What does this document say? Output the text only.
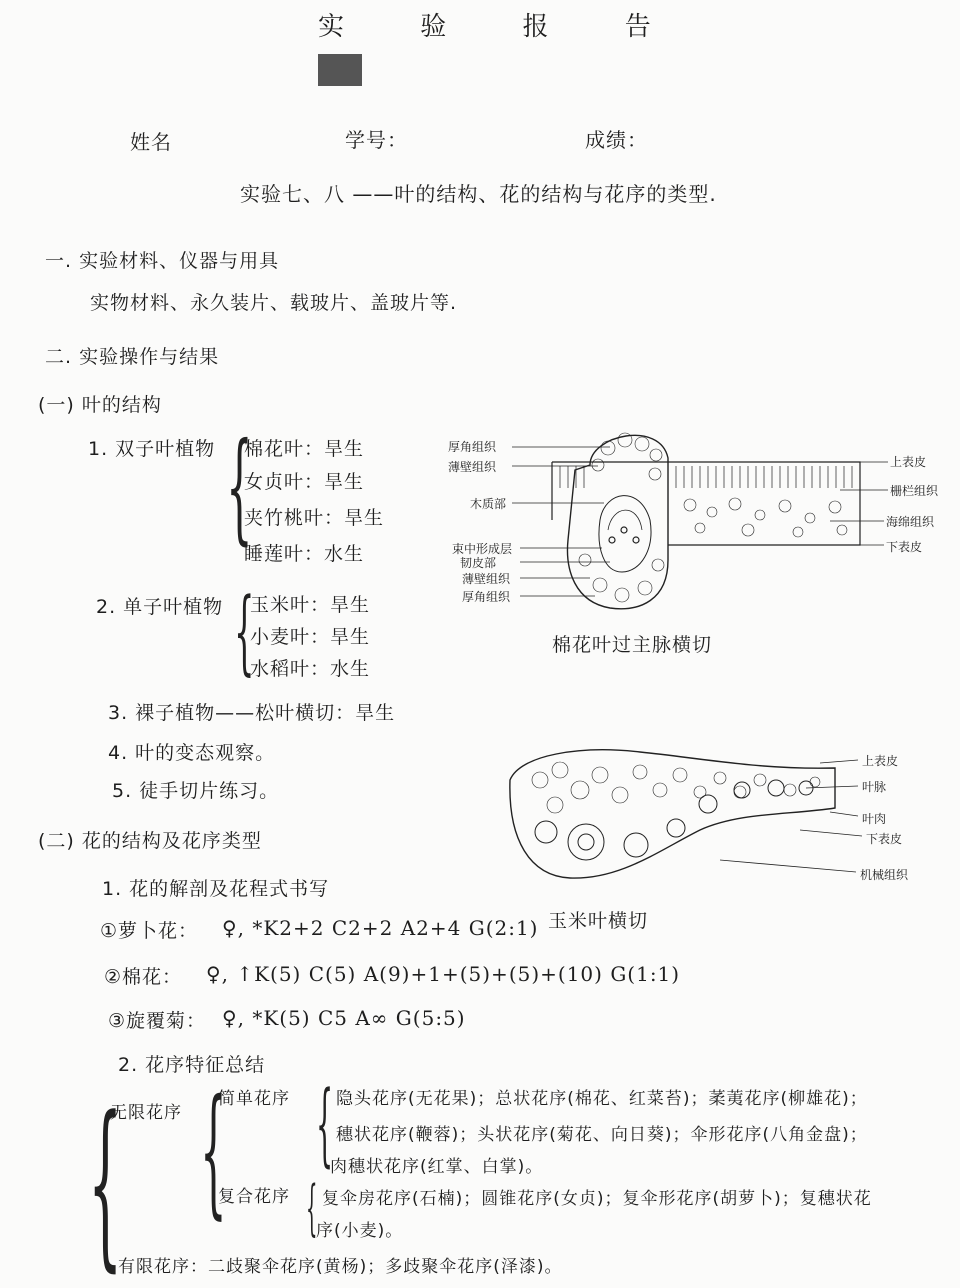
实 验 报 告
姓名	学号：	成绩：
实验七、八 ——叶的结构、花的结构与花序的类型.
一. 实验材料、仪器与用具
实物材料、永久装片、载玻片、盖玻片等.
二. 实验操作与结果
(一) 叶的结构
1. 双子叶植物 {
棉花叶：旱生
女贞叶：旱生
夹竹桃叶：旱生
睡莲叶：水生
2. 单子叶植物 {
玉米叶：旱生
小麦叶：旱生
水稻叶：水生
3. 裸子植物——松叶横切：旱生
4. 叶的变态观察。
5. 徒手切片练习。
(二) 花的结构及花序类型
1. 花的解剖及花程式书写
①萝卜花： ♀, *K2+2 C2+2 A2+4 G(2:1)
②棉花： ♀, ↑K(5) C(5) A(9)+1+(5)+(5)+(10) G(1:1)
③旋覆菊： ♀, *K(5) C5 A∞ G(5:5)
2. 花序特征总结
{
无限花序 {
简单花序 { 隐头花序(无花果)；总状花序(棉花、红菜苔)；葇荑花序(柳雄花)；
穗状花序(鞭蓉)；头状花序(菊花、向日葵)；伞形花序(八角金盘)；
肉穗状花序(红掌、白掌)。
复合花序 { 复伞房花序(石楠)；圆锥花序(女贞)；复伞形花序(胡萝卜)；复穗状花
序(小麦)。
有限花序：二歧聚伞花序(黄杨)；多歧聚伞花序(泽漆)。
厚角组织
薄壁组织
木质部
束中形成层
韧皮部
薄壁组织
厚角组织
上表皮
栅栏组织
海绵组织
下表皮
棉花叶过主脉横切
上表皮
叶脉
叶肉
下表皮
机械组织
玉米叶横切
